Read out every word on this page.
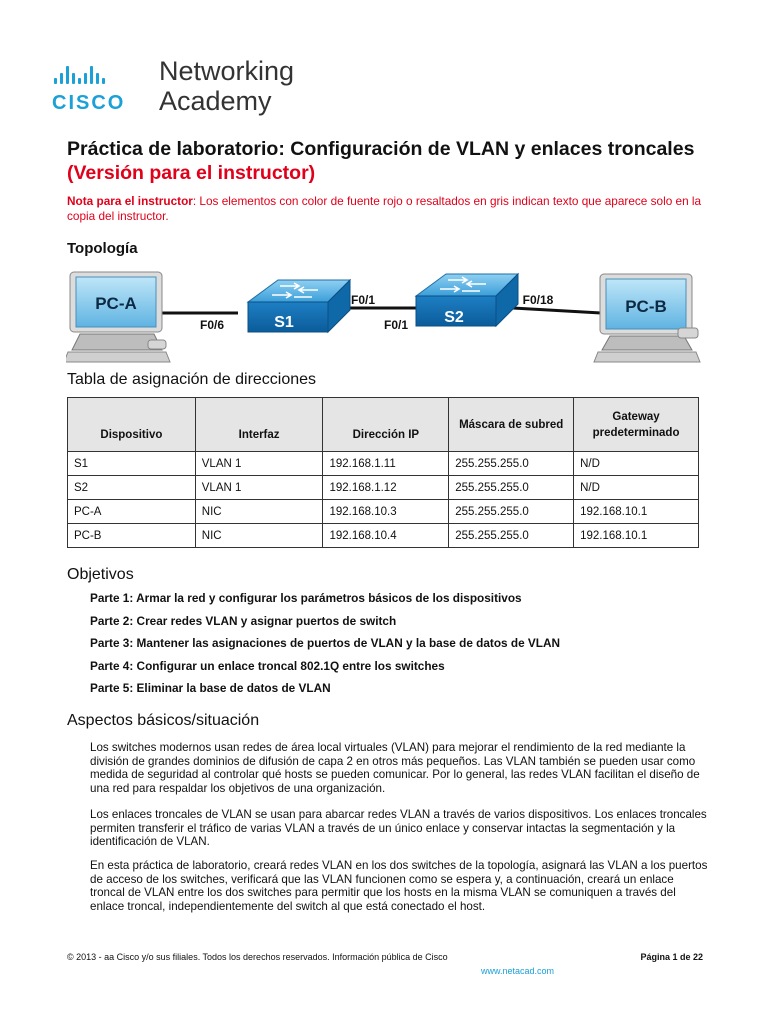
CISCO
Networking
Academy
Práctica de laboratorio: Configuración de VLAN y enlaces troncales (Versión para el instructor)
Nota para el instructor: Los elementos con color de fuente rojo o resaltados en gris indican texto que aparece solo en la copia del instructor.
Topología
PC-A
S1	S2
PC-B
F0/6
F0/1
F0/1
F0/18
Tabla de asignación de direcciones
Dispositivo	Interfaz	Dirección IP	Máscara de subred	Gateway predeterminado
S1	VLAN 1	192.168.1.11	255.255.255.0	N/D
S2	VLAN 1	192.168.1.12	255.255.255.0	N/D
PC-A	NIC	192.168.10.3	255.255.255.0	192.168.10.1
PC-B	NIC	192.168.10.4	255.255.255.0	192.168.10.1
Objetivos
Parte 1: Armar la red y configurar los parámetros básicos de los dispositivos
Parte 2: Crear redes VLAN y asignar puertos de switch
Parte 3: Mantener las asignaciones de puertos de VLAN y la base de datos de VLAN
Parte 4: Configurar un enlace troncal 802.1Q entre los switches
Parte 5: Eliminar la base de datos de VLAN
Aspectos básicos/situación

Los switches modernos usan redes de área local virtuales (VLAN) para mejorar el rendimiento de la red mediante la división de grandes dominios de difusión de capa 2 en otros más pequeños. Las VLAN también se pueden usar como medida de seguridad al controlar qué hosts se pueden comunicar. Por lo general, las redes VLAN facilitan el diseño de una red para respaldar los objetivos de una organización.

Los enlaces troncales de VLAN se usan para abarcar redes VLAN a través de varios dispositivos. Los enlaces troncales permiten transferir el tráfico de varias VLAN a través de un único enlace y conservar intactas la segmentación y la identificación de VLAN.

En esta práctica de laboratorio, creará redes VLAN en los dos switches de la topología, asignará las VLAN a los puertos de acceso de los switches, verificará que las VLAN funcionen como se espera y, a continuación, creará un enlace troncal de VLAN entre los dos switches para permitir que los hosts en la misma VLAN se comuniquen a través del enlace troncal, independientemente del switch al que está conectado el host.

© 2013 - aa Cisco y/o sus filiales. Todos los derechos reservados. Información pública de Cisco	Página 1 de 22
www.netacad.com
